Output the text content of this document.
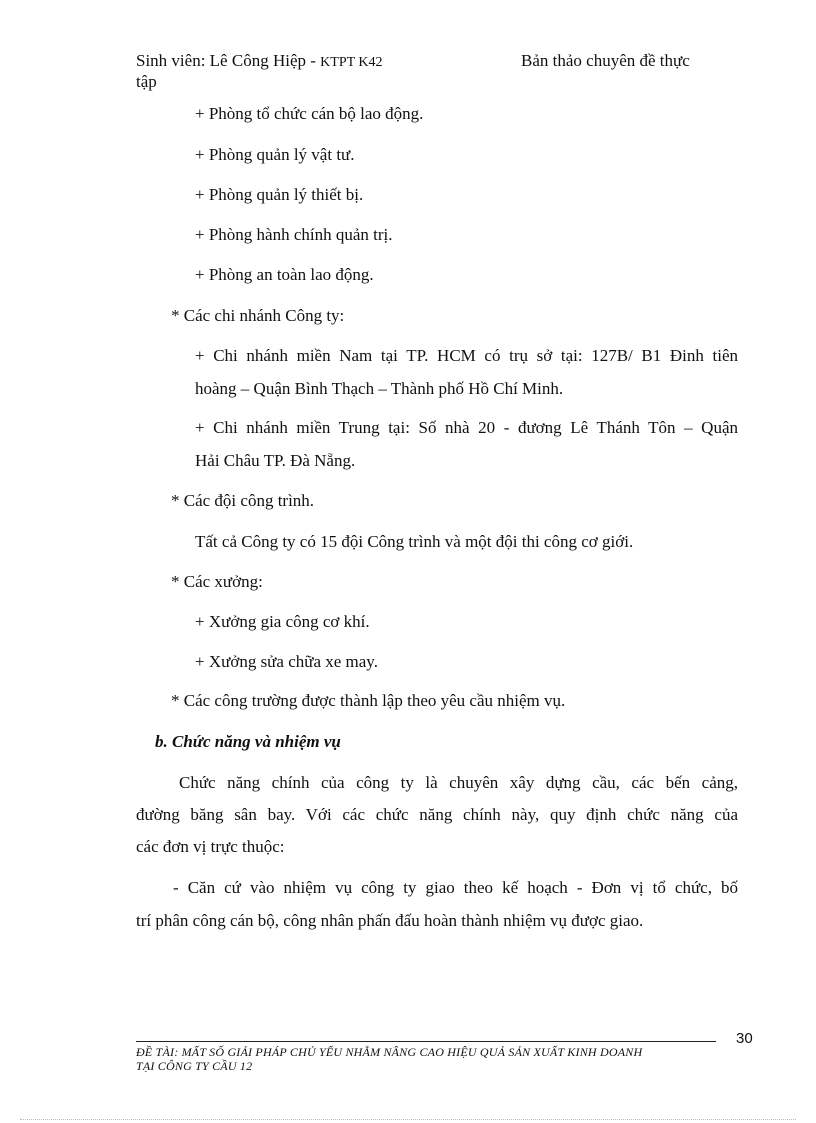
Sinh viên: Lê Công Hiệp - KTPT K42	Bản thảo chuyên đề thực
tập
+ Phòng tổ chức cán bộ lao động.
+ Phòng quản lý vật tư.
+ Phòng quản lý thiết bị.
+ Phòng hành chính quản trị.
+ Phòng an toàn lao động.
* Các chi nhánh Công ty:
+ Chi nhánh miền Nam tại TP. HCM có trụ sở tại: 127B/ B1 Đinh tiên
hoàng – Quận Bình Thạch – Thành phố Hồ Chí Minh.
+ Chi nhánh miền Trung tại: Số nhà 20 - đương Lê Thánh Tôn – Quận
Hải Châu TP. Đà Nẵng.
* Các đội công trình.
Tất cả Công ty có 15 đội Công trình và một đội thi công cơ giới.
* Các xưởng:
+ Xưởng gia công cơ khí.
+ Xưởng sửa chữa xe may.
* Các công trường được thành lập theo yêu cầu nhiệm vụ.
b. Chức năng và nhiệm vụ
Chức năng chính của công ty là chuyên xây dựng cầu, các bến cảng,
đường băng sân bay. Với các chức năng chính này, quy định chức năng của
các đơn vị trực thuộc:
- Căn cứ vào nhiệm vụ công ty giao theo kế hoạch - Đơn vị tổ chức, bố
trí phân công cán bộ, công nhân phấn đấu hoàn thành nhiệm vụ được giao.
30
ĐỀ TÀI: MẤT SỐ GIẢI PHÁP CHỦ YẾU NHẰM NÂNG CAO HIỆU QUẢ SẢN XUẤT KINH DOANH
TẠI CÔNG TY CẦU 12
